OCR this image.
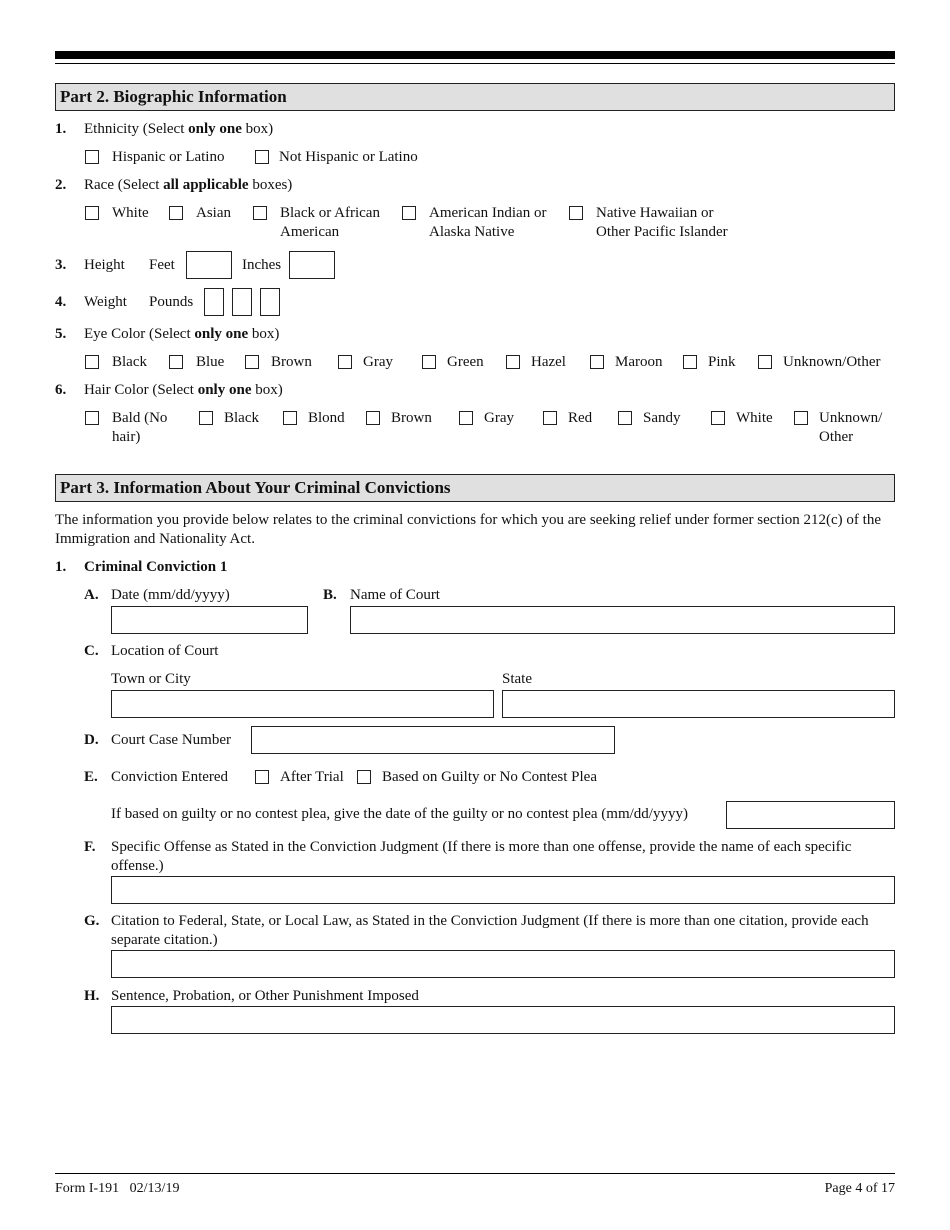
Part 2. Biographic Information
1. Ethnicity (Select only one box)
Hispanic or Latino	Not Hispanic or Latino
2. Race (Select all applicable boxes)
White	Asian	Black or African
American
American Indian or
Alaska Native
Native Hawaiian or
Other Pacific Islander
3. Height Feet	Inches
4. Weight Pounds
5. Eye Color (Select only one box)
Black	Blue	Brown	Gray	Green	Hazel	Maroon	Pink	Unknown/Other
6. Hair Color (Select only one box)
Bald (No
hair)
Black	Blond	Brown	Gray	Red	Sandy	White	Unknown/
Other
Part 3. Information About Your Criminal Convictions
The information you provide below relates to the criminal convictions for which you are seeking relief under former section 212(c) of the Immigration and Nationality Act.
1. Criminal Conviction 1
A. Date (mm/dd/yyyy)	B. Name of Court
C. Location of Court
Town or City	State
D. Court Case Number
E. Conviction Entered	After Trial	Based on Guilty or No Contest Plea
If based on guilty or no contest plea, give the date of the guilty or no contest plea (mm/dd/yyyy)
F. Specific Offense as Stated in the Conviction Judgment (If there is more than one offense, provide the name of each specific offense.)
G. Citation to Federal, State, or Local Law, as Stated in the Conviction Judgment (If there is more than one citation, provide each separate citation.)
H. Sentence, Probation, or Other Punishment Imposed
Form I-191   02/13/19	Page 4 of 17
